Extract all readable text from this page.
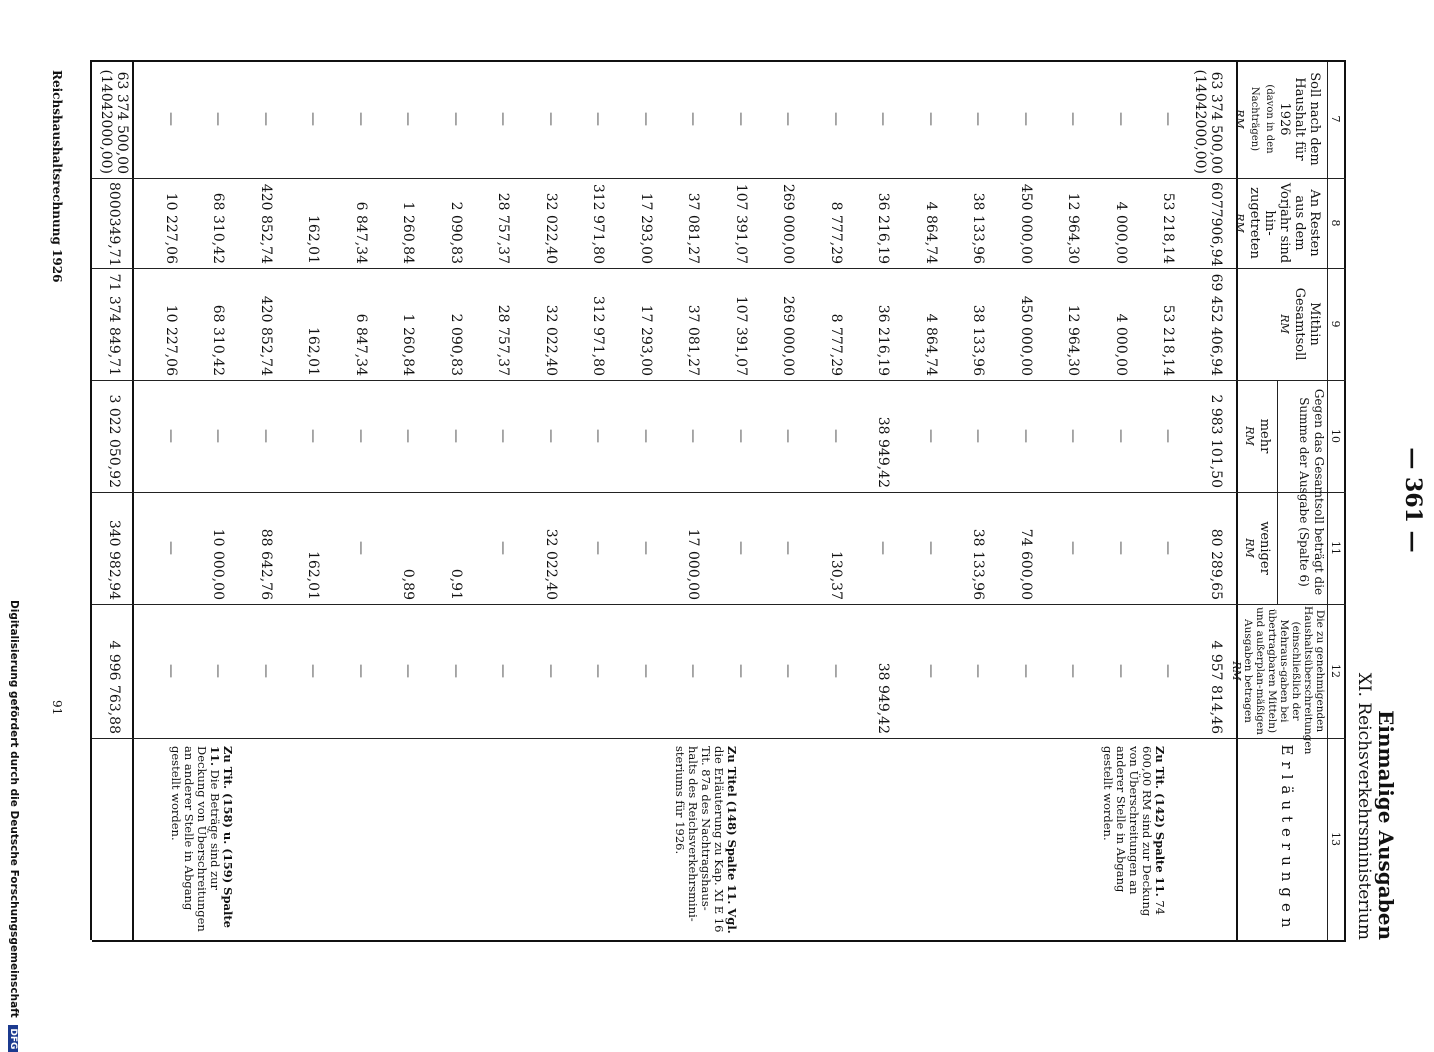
— 361 —
Einmalige Ausgaben
XI. Reichsverkehrsministerium
7
8
9
10
11
12
13
Soll nach dem Haushalt für 1926
(davon in den Nachträgen)
RM
An Resten aus dem Vorjahr sind hin-zugetreten
RM
Mithin Gesamtsoll
RM
Gegen das Gesamtsoll beträgt die Summe der Ausgabe (Spalte 6)
mehr
RM
weniger
RM
Die zu genehmigenden Haushaltsüberschreitungen (einschließlich der Mehraus-gaben bei übertragbaren Mitteln) und außerplan-mäßigen Ausgaben betragen
RM
Erläuterungen
63 374 500,00
6077906,94
69 452 406,94
2 983 101,50
80 289,65
4 957 814,46
(14042000,00)
—
53 218,14
53 218,14
—
—
—
—
4 000,00
4 000,00
—
—
—
—
12 964,30
12 964,30
—
—
—
—
450 000,00
450 000,00
—
74 600,00
—
—
38 133,96
38 133,96
—
38 133,96
—
—
4 864,74
4 864,74
—
—
—
—
36 216,19
36 216,19
38 949,42
—
38 949,42
—
8 777,29
8 777,29
—
130,37
—
—
269 000,00
269 000,00
—
—
—
—
107 391,07
107 391,07
—
—
—
—
37 081,27
37 081,27
—
17 000,00
—
—
17 293,00
17 293,00
—
—
—
—
312 971,80
312 971,80
—
—
—
—
32 022,40
32 022,40
—
32 022,40
—
—
28 757,37
28 757,37
—
—
—
—
2 090,83
2 090,83
—
0,91
—
—
1 260,84
1 260,84
—
0,89
—
—
6 847,34
6 847,34
—
—
—
—
162,01
162,01
—
162,01
—
—
420 852,74
420 852,74
—
88 642,76
—
—
68 310,42
68 310,42
—
10 000,00
—
—
10 227,06
10 227,06
—
—
—
63 374 500,00
(14042000,00)
8000349,71
71 374 849,71
3 022 050,92
340 982,94
4 996 763,88
Zu Tit. (142) Spalte 11. 74 600,00 RM sind zur Deckung von Überschreitungen an anderer Stelle in Abgang gestellt worden.
Zu Titel (148) Spalte 11. Vgl. die Erläuterung zu Kap. XI E 16 Tit. 87a des Nachtragshaus-halts des Reichsverkehrsmini-steriums für 1926.
Zu Tit. (158) u. (159) Spalte 11. Die Beträge sind zur Deckung von Überschreitungen an anderer Stelle in Abgang gestellt worden.
Reichshaushaltsrechnung 1926
91
Digitalisierung gefördert durch die Deutsche Forschungsgemeinschaft DFG
